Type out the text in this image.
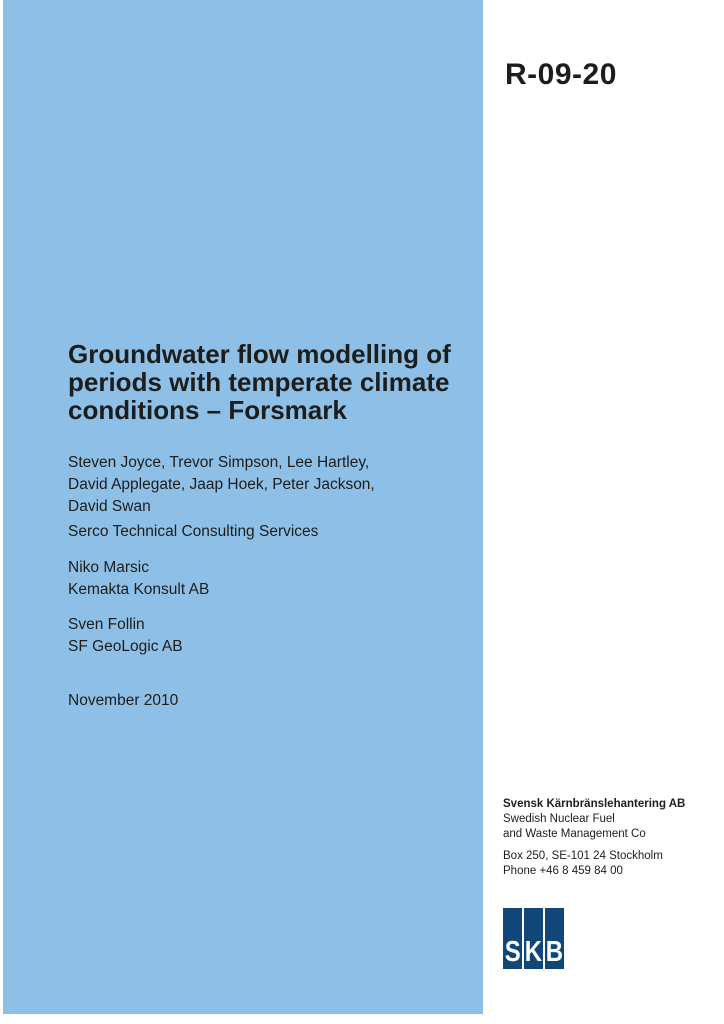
R-09-20
Groundwater flow modelling of
periods with temperate climate
conditions – Forsmark
Steven Joyce, Trevor Simpson, Lee Hartley,
David Applegate, Jaap Hoek, Peter Jackson,
David Swan
Serco Technical Consulting Services
Niko Marsic
Kemakta Konsult AB
Sven Follin
SF GeoLogic AB
November 2010
Svensk Kärnbränslehantering AB
Swedish Nuclear Fuel
and Waste Management Co
Box 250, SE-101 24 Stockholm
Phone +46 8 459 84 00
S K B
